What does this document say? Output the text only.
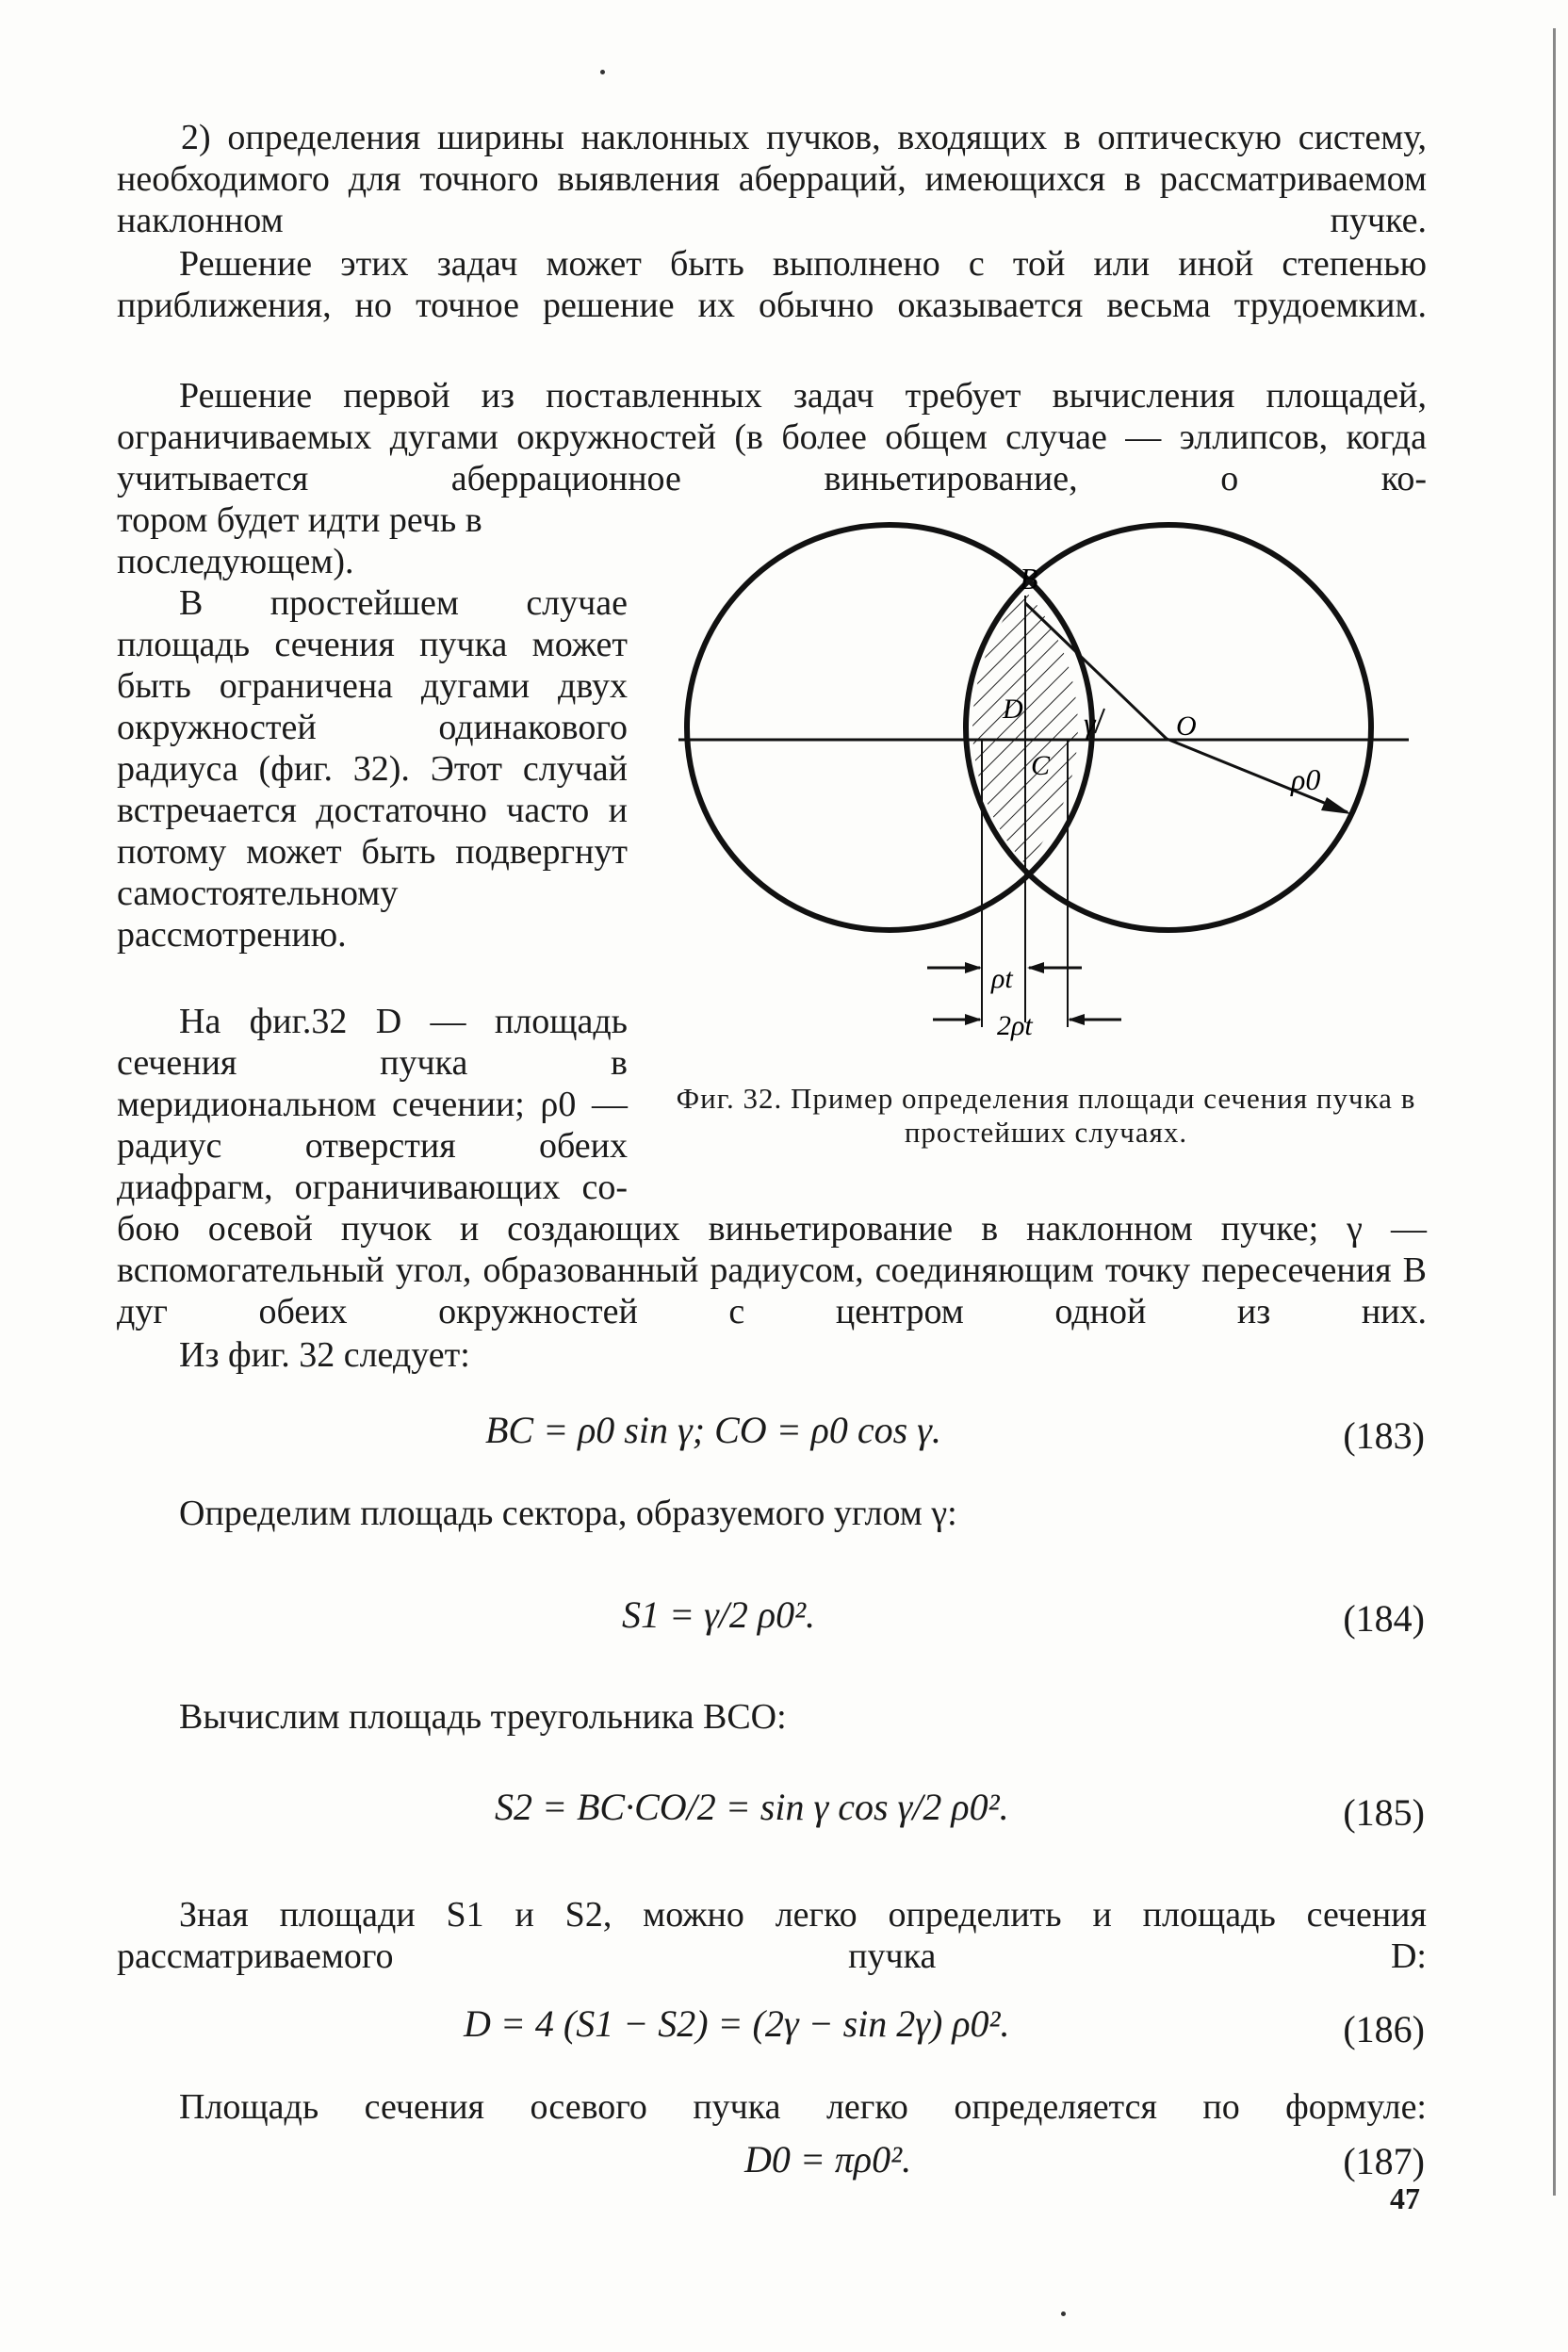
2) определения ширины наклонных пучков, входящих в оптическую систему, необходимого для точного выявления аберраций, имеющихся в рассматриваемом наклонном пучке.

Решение этих задач может быть выполнено с той или иной степенью приближения, но точное решение их обычно оказывается весьма трудоемким.

Решение первой из поставленных задач требует вычисления площадей, ограничиваемых дугами окружностей (в более общем случае — эллипсов, когда учитывается аберрационное виньетирование, о ко-

тором будет идти речь в последующем).

В простейшем случае площадь сечения пучка может быть ограничена дугами двух окружностей одинакового радиуса (фиг. 32). Этот случай встречается достаточно часто и потому может быть подвергнут самостоятельному рассмотрению.

На фиг.32 D — площадь сечения пучка в меридиональном сечении; ρ0 — радиус отверстия обеих диафрагм, ограничивающих со-

бою осевой пучок и создающих виньетирование в наклонном пучке; γ — вспомогательный угол, образованный радиусом, соединяющим точку пересечения B дуг обеих окружностей с центром одной из них.

B
D
C
γ	O
ρ0
ρt
2ρt
Фиг. 32. Пример определения площади сечения пучка в простейших случаях.

Из фиг. 32 следует:

BC = ρ0 sin γ; CO = ρ0 cos γ.	(183)

Определим площадь сектора, образуемого углом γ:

S1 = γ/2 ρ0².	(184)

Вычислим площадь треугольника BCO:

S2 = BC·CO/2 = sin γ cos γ/2 ρ0².	(185)

Зная площади S1 и S2, можно легко определить и площадь сечения рассматриваемого пучка D:

D = 4 (S1 − S2) = (2γ − sin 2γ) ρ0².	(186)

Площадь сечения осевого пучка легко определяется по формуле:

D0 = πρ0².	(187)
47
